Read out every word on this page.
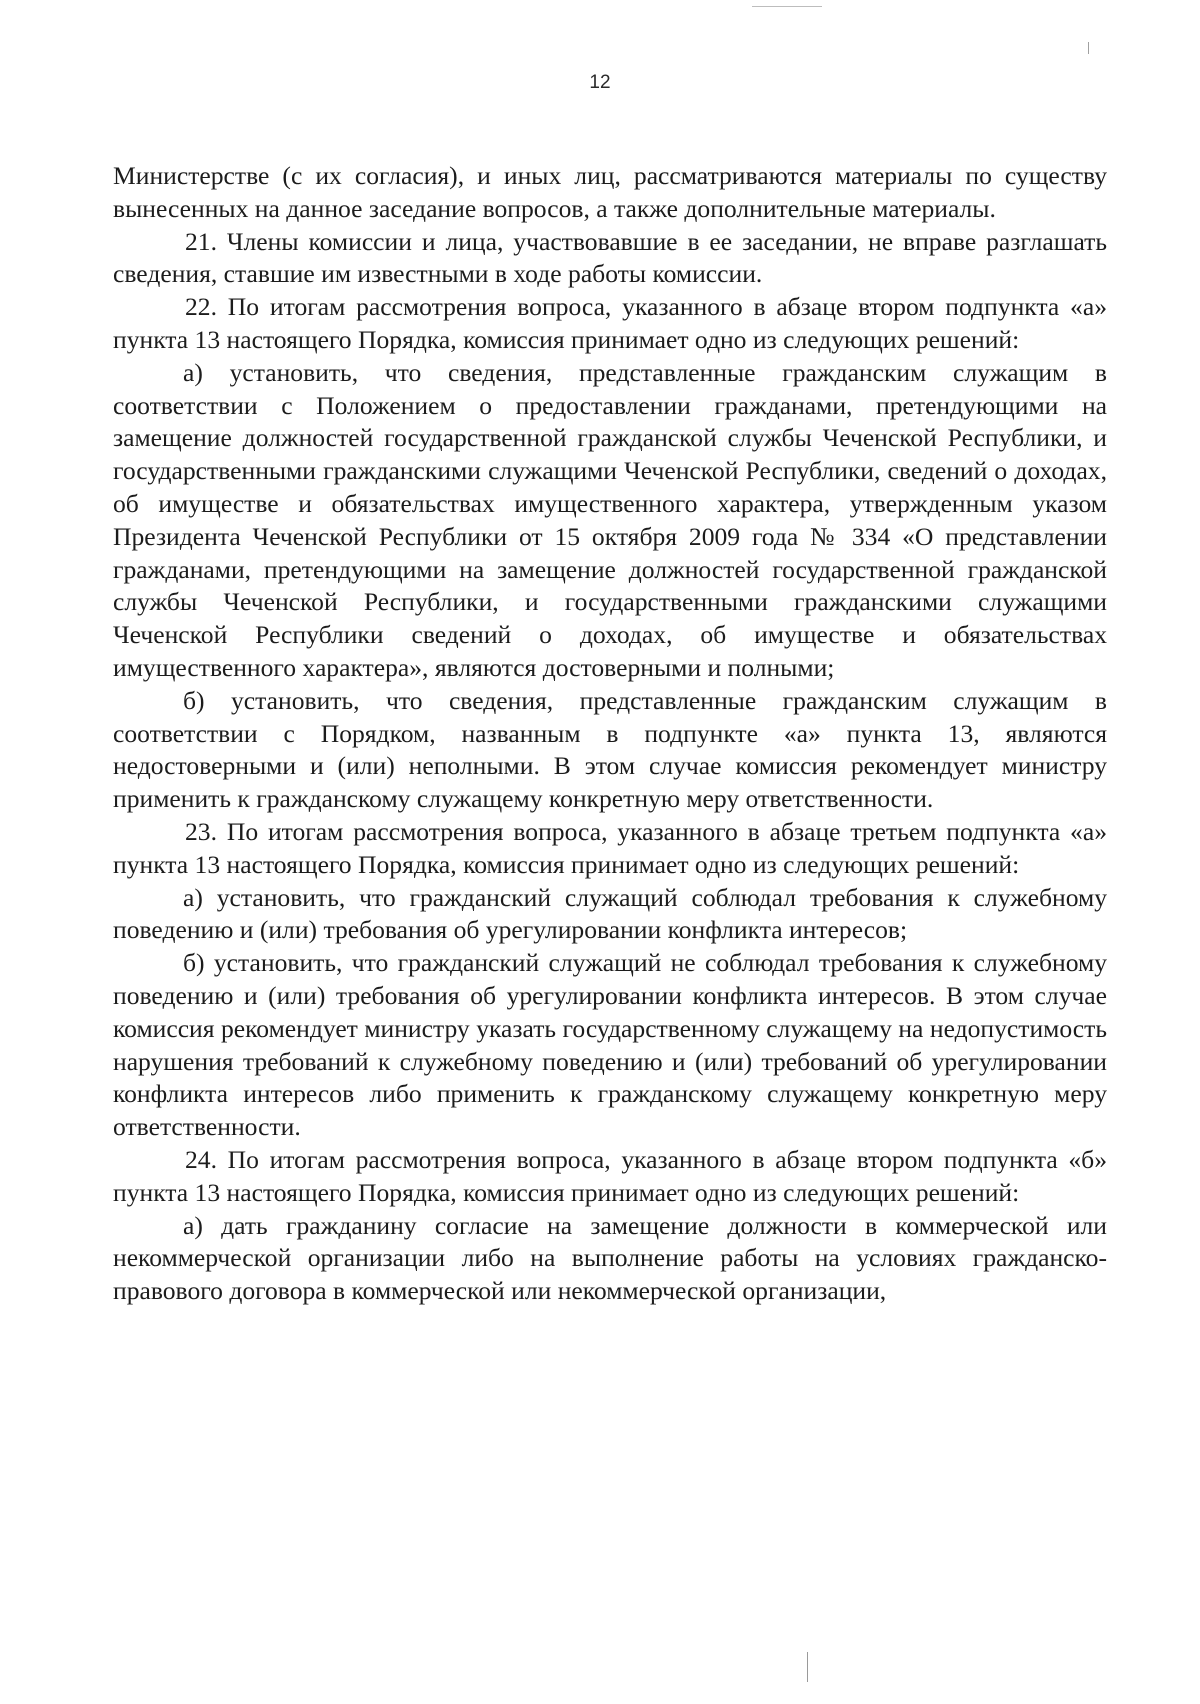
12

Министерстве (с их согласия), и иных лиц, рассматриваются материалы по существу вынесенных на данное заседание вопросов, а также дополнительные материалы.

21. Члены комиссии и лица, участвовавшие в ее заседании, не вправе разглашать сведения, ставшие им известными в ходе работы комиссии.

22. По итогам рассмотрения вопроса, указанного в абзаце втором подпункта «а» пункта 13 настоящего Порядка, комиссия принимает одно из следующих решений:

а) установить, что сведения, представленные гражданским служащим в соответствии с Положением о предоставлении гражданами, претендующими на замещение должностей государственной гражданской службы Чеченской Республики, и государственными гражданскими служащими Чеченской Республики, сведений о доходах, об имуществе и обязательствах имущественного характера, утвержденным указом Президента Чеченской Республики от 15 октября 2009 года № 334 «О представлении гражданами, претендующими на замещение должностей государственной гражданской службы Чеченской Республики, и государственными гражданскими служащими Чеченской Республики сведений о доходах, об имуществе и обязательствах имущественного характера», являются достоверными и полными;

б) установить, что сведения, представленные гражданским служащим в соответствии с Порядком, названным в подпункте «а» пункта 13, являются недостоверными и (или) неполными. В этом случае комиссия рекомендует министру применить к гражданскому служащему конкретную меру ответственности.

23. По итогам рассмотрения вопроса, указанного в абзаце третьем подпункта «а» пункта 13 настоящего Порядка, комиссия принимает одно из следующих решений:

а) установить, что гражданский служащий соблюдал требования к служебному поведению и (или) требования об урегулировании конфликта интересов;

б) установить, что гражданский служащий не соблюдал требования к служебному поведению и (или) требования об урегулировании конфликта интересов. В этом случае комиссия рекомендует министру указать государственному служащему на недопустимость нарушения требований к служебному поведению и (или) требований об урегулировании конфликта интересов либо применить к гражданскому служащему конкретную меру ответственности.

24. По итогам рассмотрения вопроса, указанного в абзаце втором подпункта «б» пункта 13 настоящего Порядка, комиссия принимает одно из следующих решений:

а) дать гражданину согласие на замещение должности в коммерческой или некоммерческой организации либо на выполнение работы на условиях гражданско-правового договора в коммерческой или некоммерческой организации,
